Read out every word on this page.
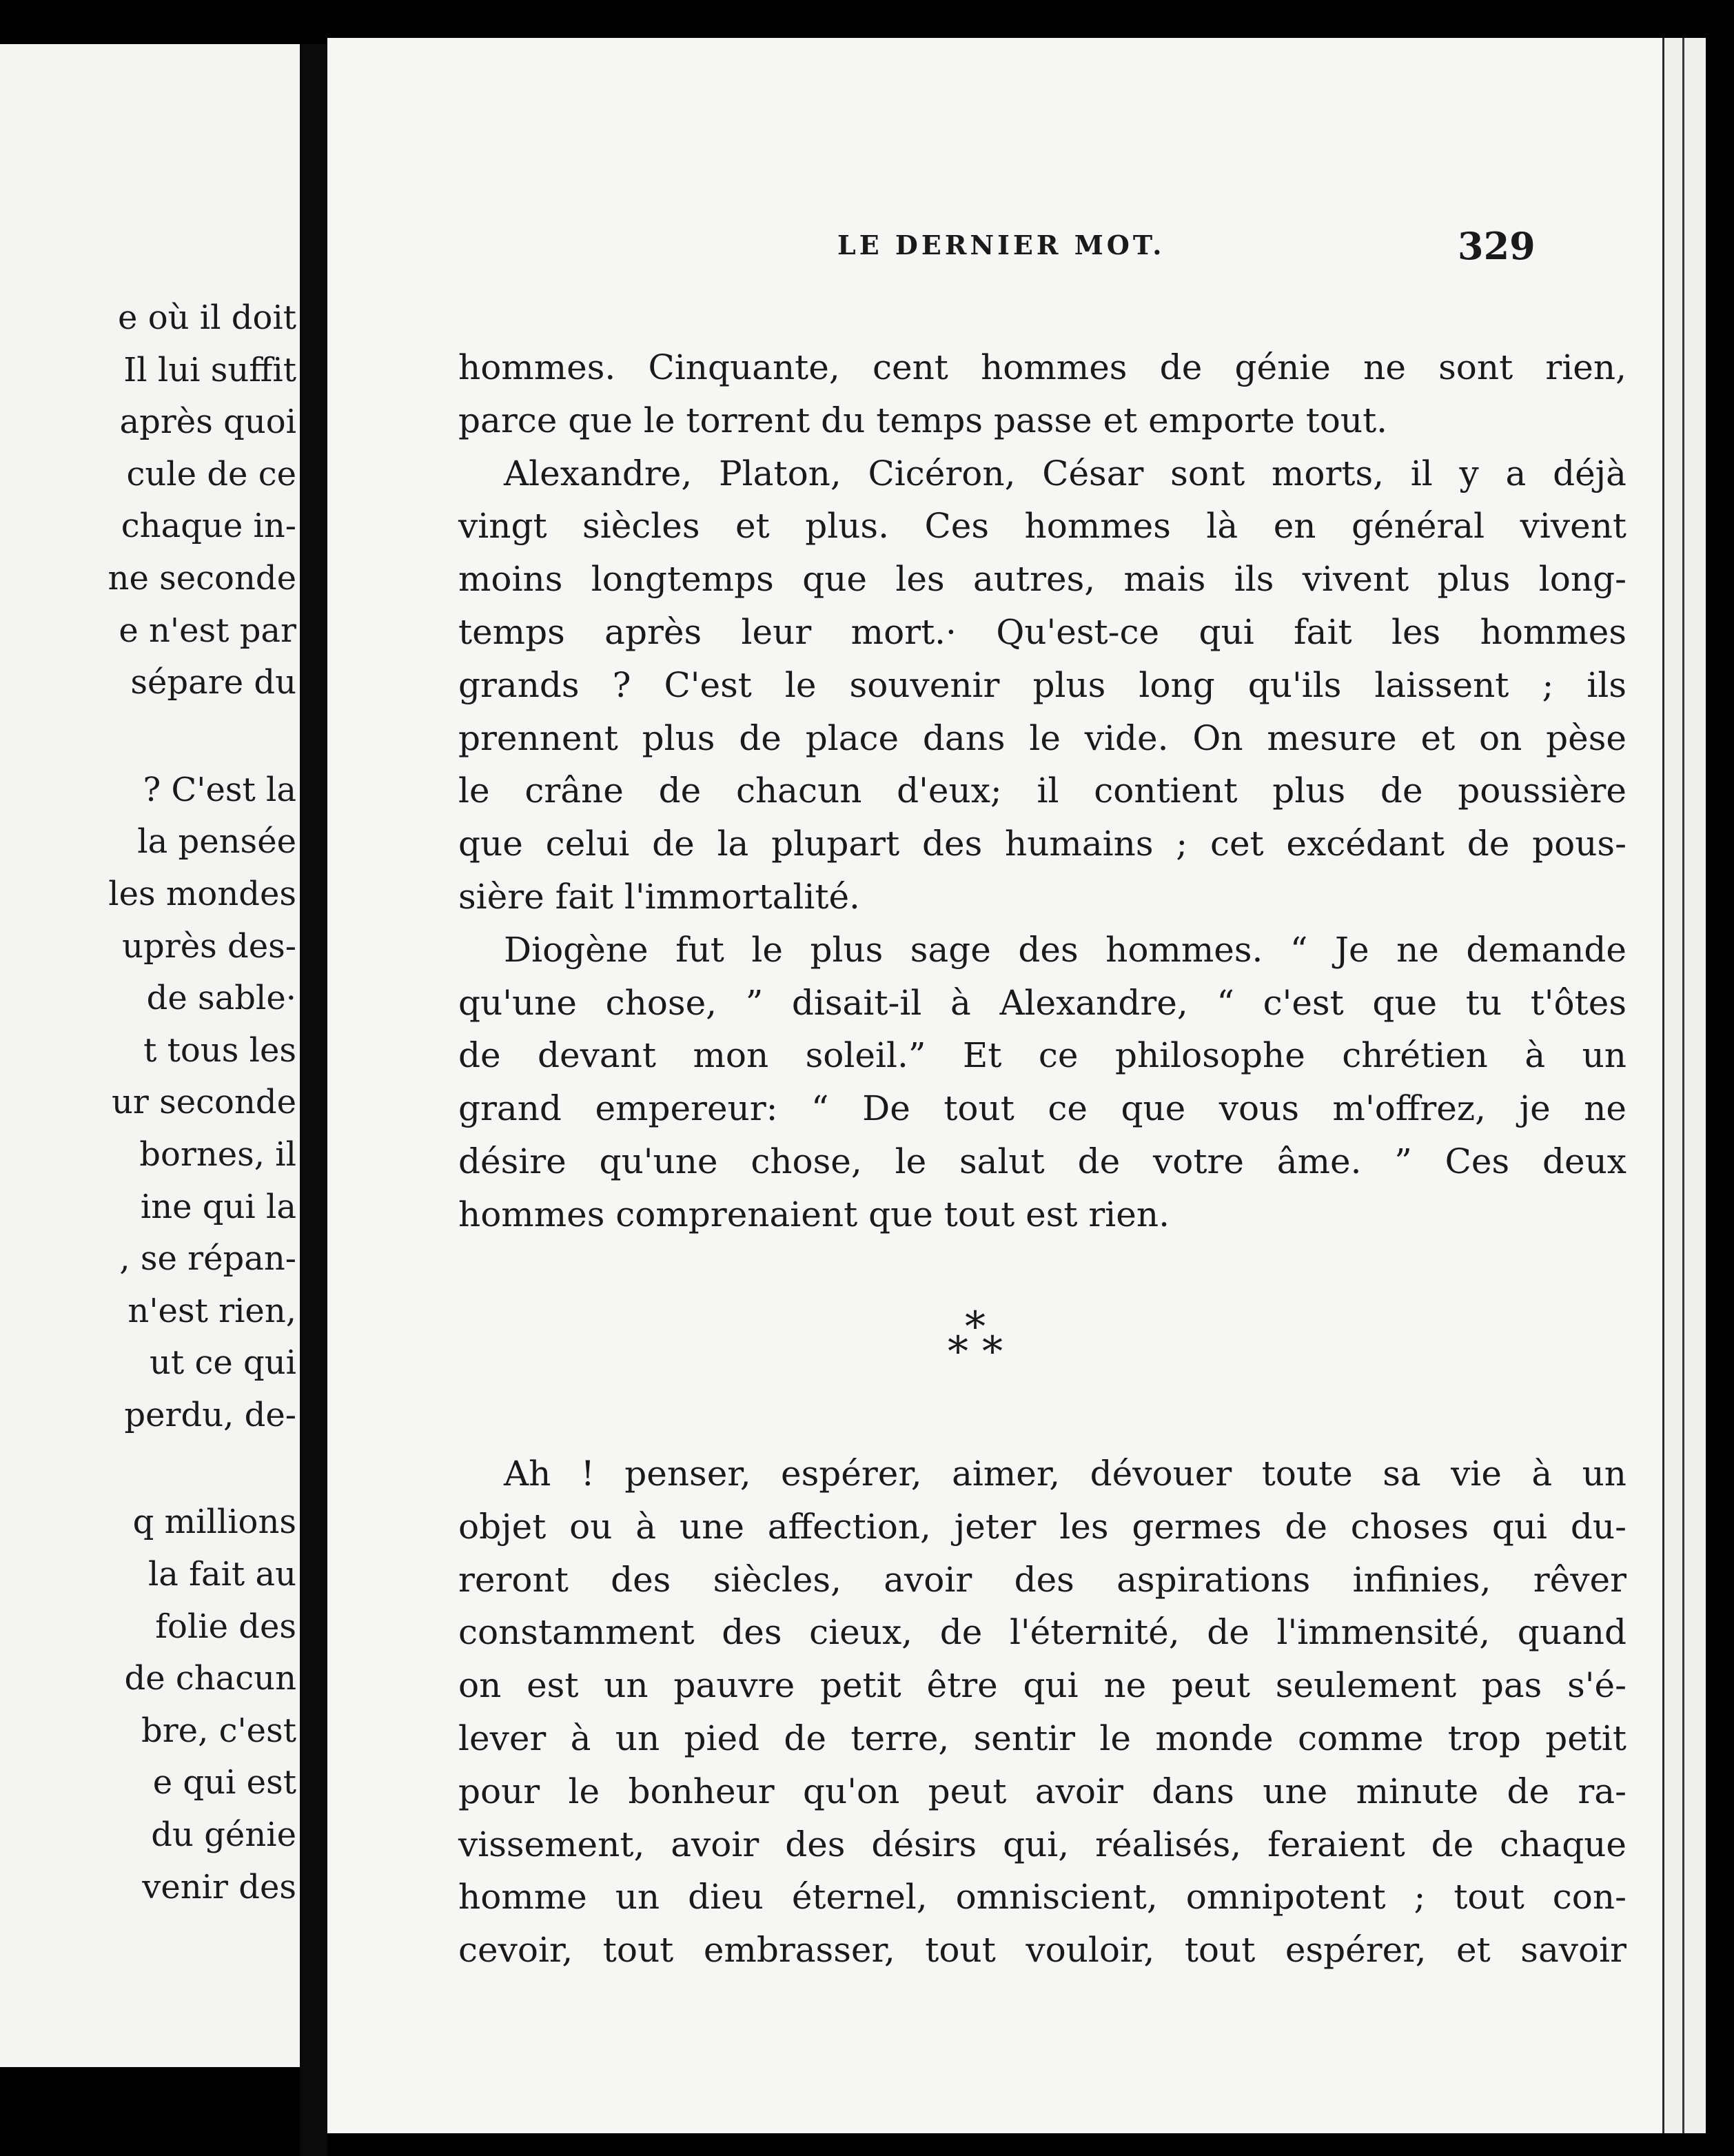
e où il doit
Il lui suffit
après quoi
cule de ce
chaque in-
ne seconde
e n'est par
sépare du
? C'est la
la pensée
les mondes
uprès des-
de sable·
t tous les
ur seconde
bornes, il
ine qui la
, se répan-
n'est rien,
ut ce qui
perdu, de-
q millions
la fait au
folie des
de chacun
bre, c'est
e qui est
du génie
venir des
LE DERNIER MOT.	329
hommes. Cinquante, cent hommes de génie ne sont rien,
parce que le torrent du temps passe et emporte tout.
Alexandre, Platon, Cicéron, César sont morts, il y a déjà
vingt siècles et plus. Ces hommes là en général vivent
moins longtemps que les autres, mais ils vivent plus long-
temps après leur mort.· Qu'est-ce qui fait les hommes
grands ? C'est le souvenir plus long qu'ils laissent ; ils
prennent plus de place dans le vide. On mesure et on pèse
le crâne de chacun d'eux; il contient plus de poussière
que celui de la plupart des humains ; cet excédant de pous-
sière fait l'immortalité.
Diogène fut le plus sage des hommes. “ Je ne demande
qu'une chose, ” disait-il à Alexandre, “ c'est que tu t'ôtes
de devant mon soleil.” Et ce philosophe chrétien à un
grand empereur: “ De tout ce que vous m'offrez, je ne
désire qu'une chose, le salut de votre âme. ” Ces deux
hommes comprenaient que tout est rien.
*
* *
Ah ! penser, espérer, aimer, dévouer toute sa vie à un
objet ou à une affection, jeter les germes de choses qui du-
reront des siècles, avoir des aspirations infinies, rêver
constamment des cieux, de l'éternité, de l'immensité, quand
on est un pauvre petit être qui ne peut seulement pas s'é-
lever à un pied de terre, sentir le monde comme trop petit
pour le bonheur qu'on peut avoir dans une minute de ra-
vissement, avoir des désirs qui, réalisés, feraient de chaque
homme un dieu éternel, omniscient, omnipotent ; tout con-
cevoir, tout embrasser, tout vouloir, tout espérer, et savoir
